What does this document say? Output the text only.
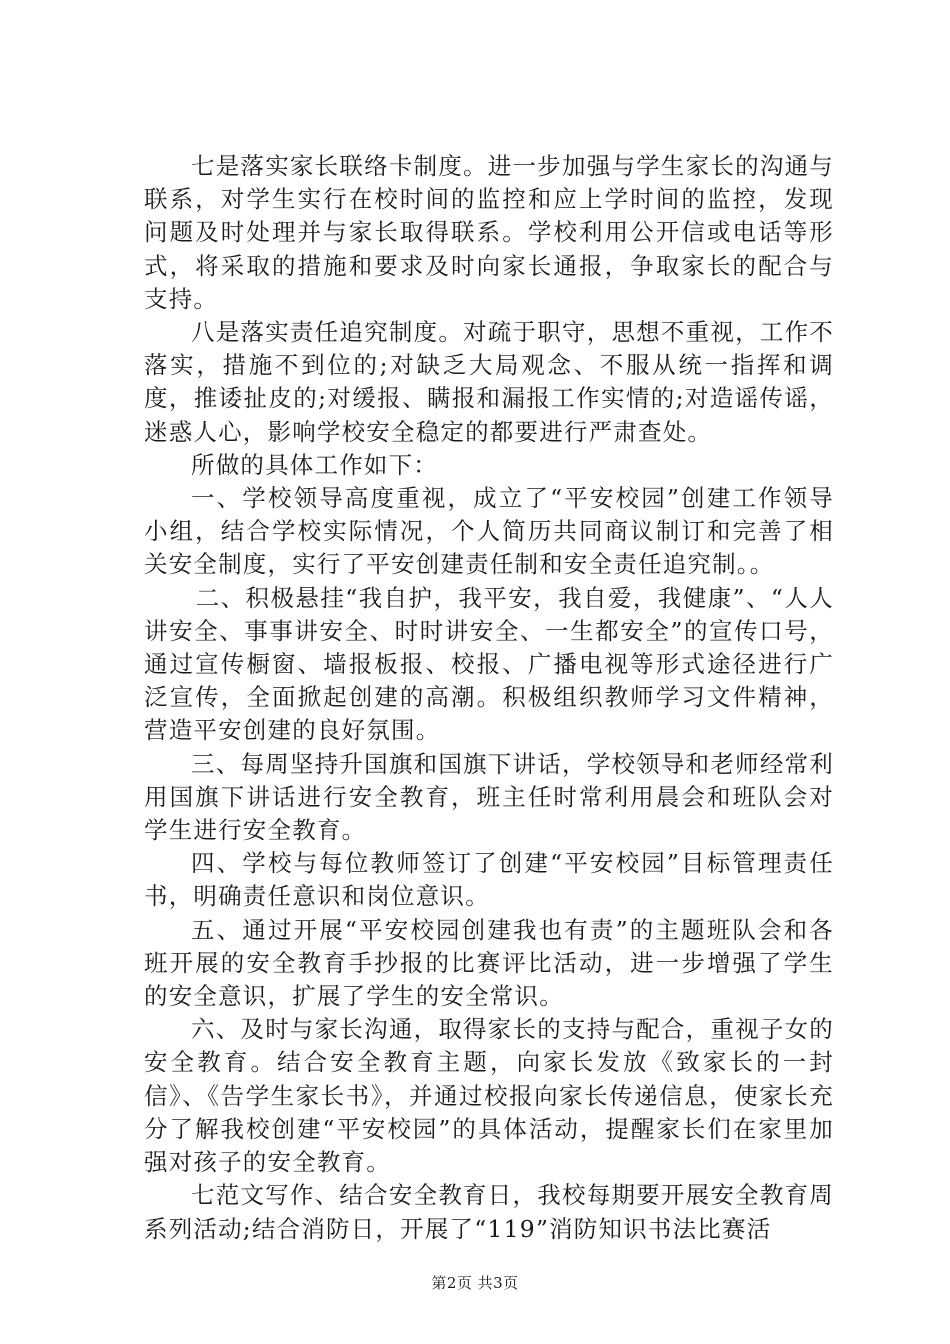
七是落实家长联络卡制度。进一步加强与学生家长的沟通与联系，对学生实行在校时间的监控和应上学时间的监控，发现问题及时处理并与家长取得联系。学校利用公开信或电话等形式，将采取的措施和要求及时向家长通报，争取家长的配合与支持。

八是落实责任追究制度。对疏于职守，思想不重视，工作不落实，措施不到位的;对缺乏大局观念、不服从统一指挥和调度，推诿扯皮的;对缓报、瞒报和漏报工作实情的;对造谣传谣，迷惑人心，影响学校安全稳定的都要进行严肃查处。

所做的具体工作如下：

一、学校领导高度重视，成立了“平安校园”创建工作领导小组，结合学校实际情况，个人简历共同商议制订和完善了相关安全制度，实行了平安创建责任制和安全责任追究制。。

二、积极悬挂“我自护，我平安，我自爱，我健康”、“人人讲安全、事事讲安全、时时讲安全、一生都安全”的宣传口号，通过宣传橱窗、墙报板报、校报、广播电视等形式途径进行广泛宣传，全面掀起创建的高潮。积极组织教师学习文件精神，营造平安创建的良好氛围。

三、每周坚持升国旗和国旗下讲话，学校领导和老师经常利用国旗下讲话进行安全教育，班主任时常利用晨会和班队会对学生进行安全教育。

四、学校与每位教师签订了创建“平安校园”目标管理责任书，明确责任意识和岗位意识。

五、通过开展“平安校园创建我也有责”的主题班队会和各班开展的安全教育手抄报的比赛评比活动，进一步增强了学生的安全意识，扩展了学生的安全常识。

六、及时与家长沟通，取得家长的支持与配合，重视子女的安全教育。结合安全教育主题，向家长发放《致家长的一封信》、《告学生家长书》，并通过校报向家长传递信息，使家长充分了解我校创建“平安校园”的具体活动，提醒家长们在家里加强对孩子的安全教育。

七范文写作、结合安全教育日，我校每期要开展安全教育周系列活动;结合消防日，开展了“119”消防知识书法比赛活

第2页 共3页
